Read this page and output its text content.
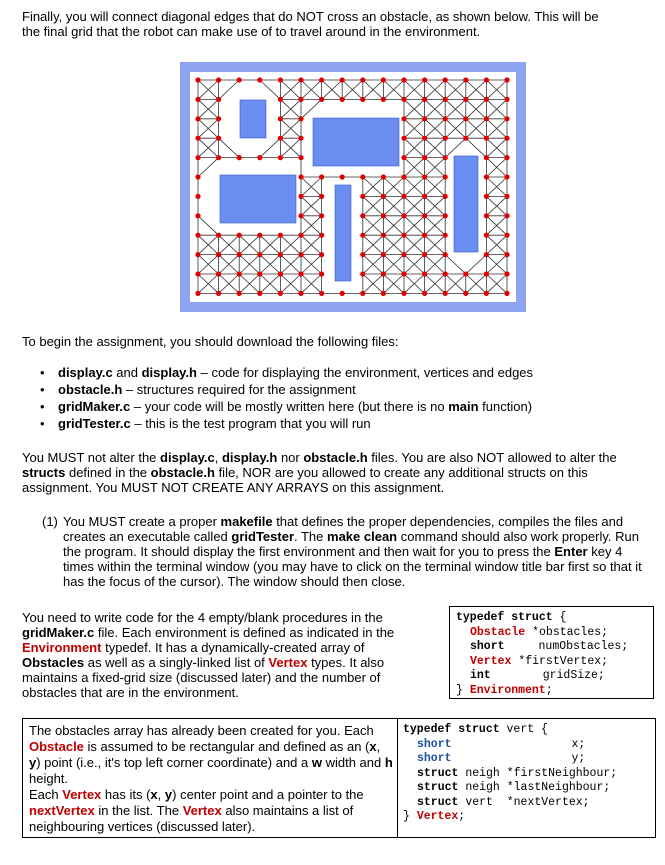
Finally, you will connect diagonal edges that do NOT cross an obstacle, as shown below. This will be
the final grid that the robot can make use of to travel around in the environment.
To begin the assignment, you should download the following files:
• display.c and display.h – code for displaying the environment, vertices and edges
• obstacle.h – structures required for the assignment
• gridMaker.c – your code will be mostly written here (but there is no main function)
• gridTester.c – this is the test program that you will run
You MUST not alter the display.c, display.h nor obstacle.h files. You are also NOT allowed to alter the structs defined in the obstacle.h file, NOR are you allowed to create any additional structs on this assignment. You MUST NOT CREATE ANY ARRAYS on this assignment.
(1) You MUST create a proper makefile that defines the proper dependencies, compiles the files and creates an executable called gridTester. The make clean command should also work properly. Run the program. It should display the first environment and then wait for you to press the Enter key 4 times within the terminal window (you may have to click on the terminal window title bar first so that it has the focus of the cursor). The window should then close.
You need to write code for the 4 empty/blank procedures in the gridMaker.c file. Each environment is defined as indicated in the Environment typedef. It has a dynamically-created array of Obstacles as well as a singly-linked list of Vertex types. It also maintains a fixed-grid size (discussed later) and the number of obstacles that are in the environment.
typedef struct {
Obstacle *obstacles;
short	numObstacles;
Vertex *firstVertex;
int	gridSize;
} Environment;
The obstacles array has already been created for you. Each Obstacle is assumed to be rectangular and defined as an (x, y) point (i.e., it's top left corner coordinate) and a w width and h height.
Each Vertex has its (x, y) center point and a pointer to the nextVertex in the list. The Vertex also maintains a list of neighbouring vertices (discussed later).
typedef struct vert {
short	x;
short	y;
struct neigh *firstNeighbour;
struct neigh *lastNeighbour;
struct vert  *nextVertex;
} Vertex;
